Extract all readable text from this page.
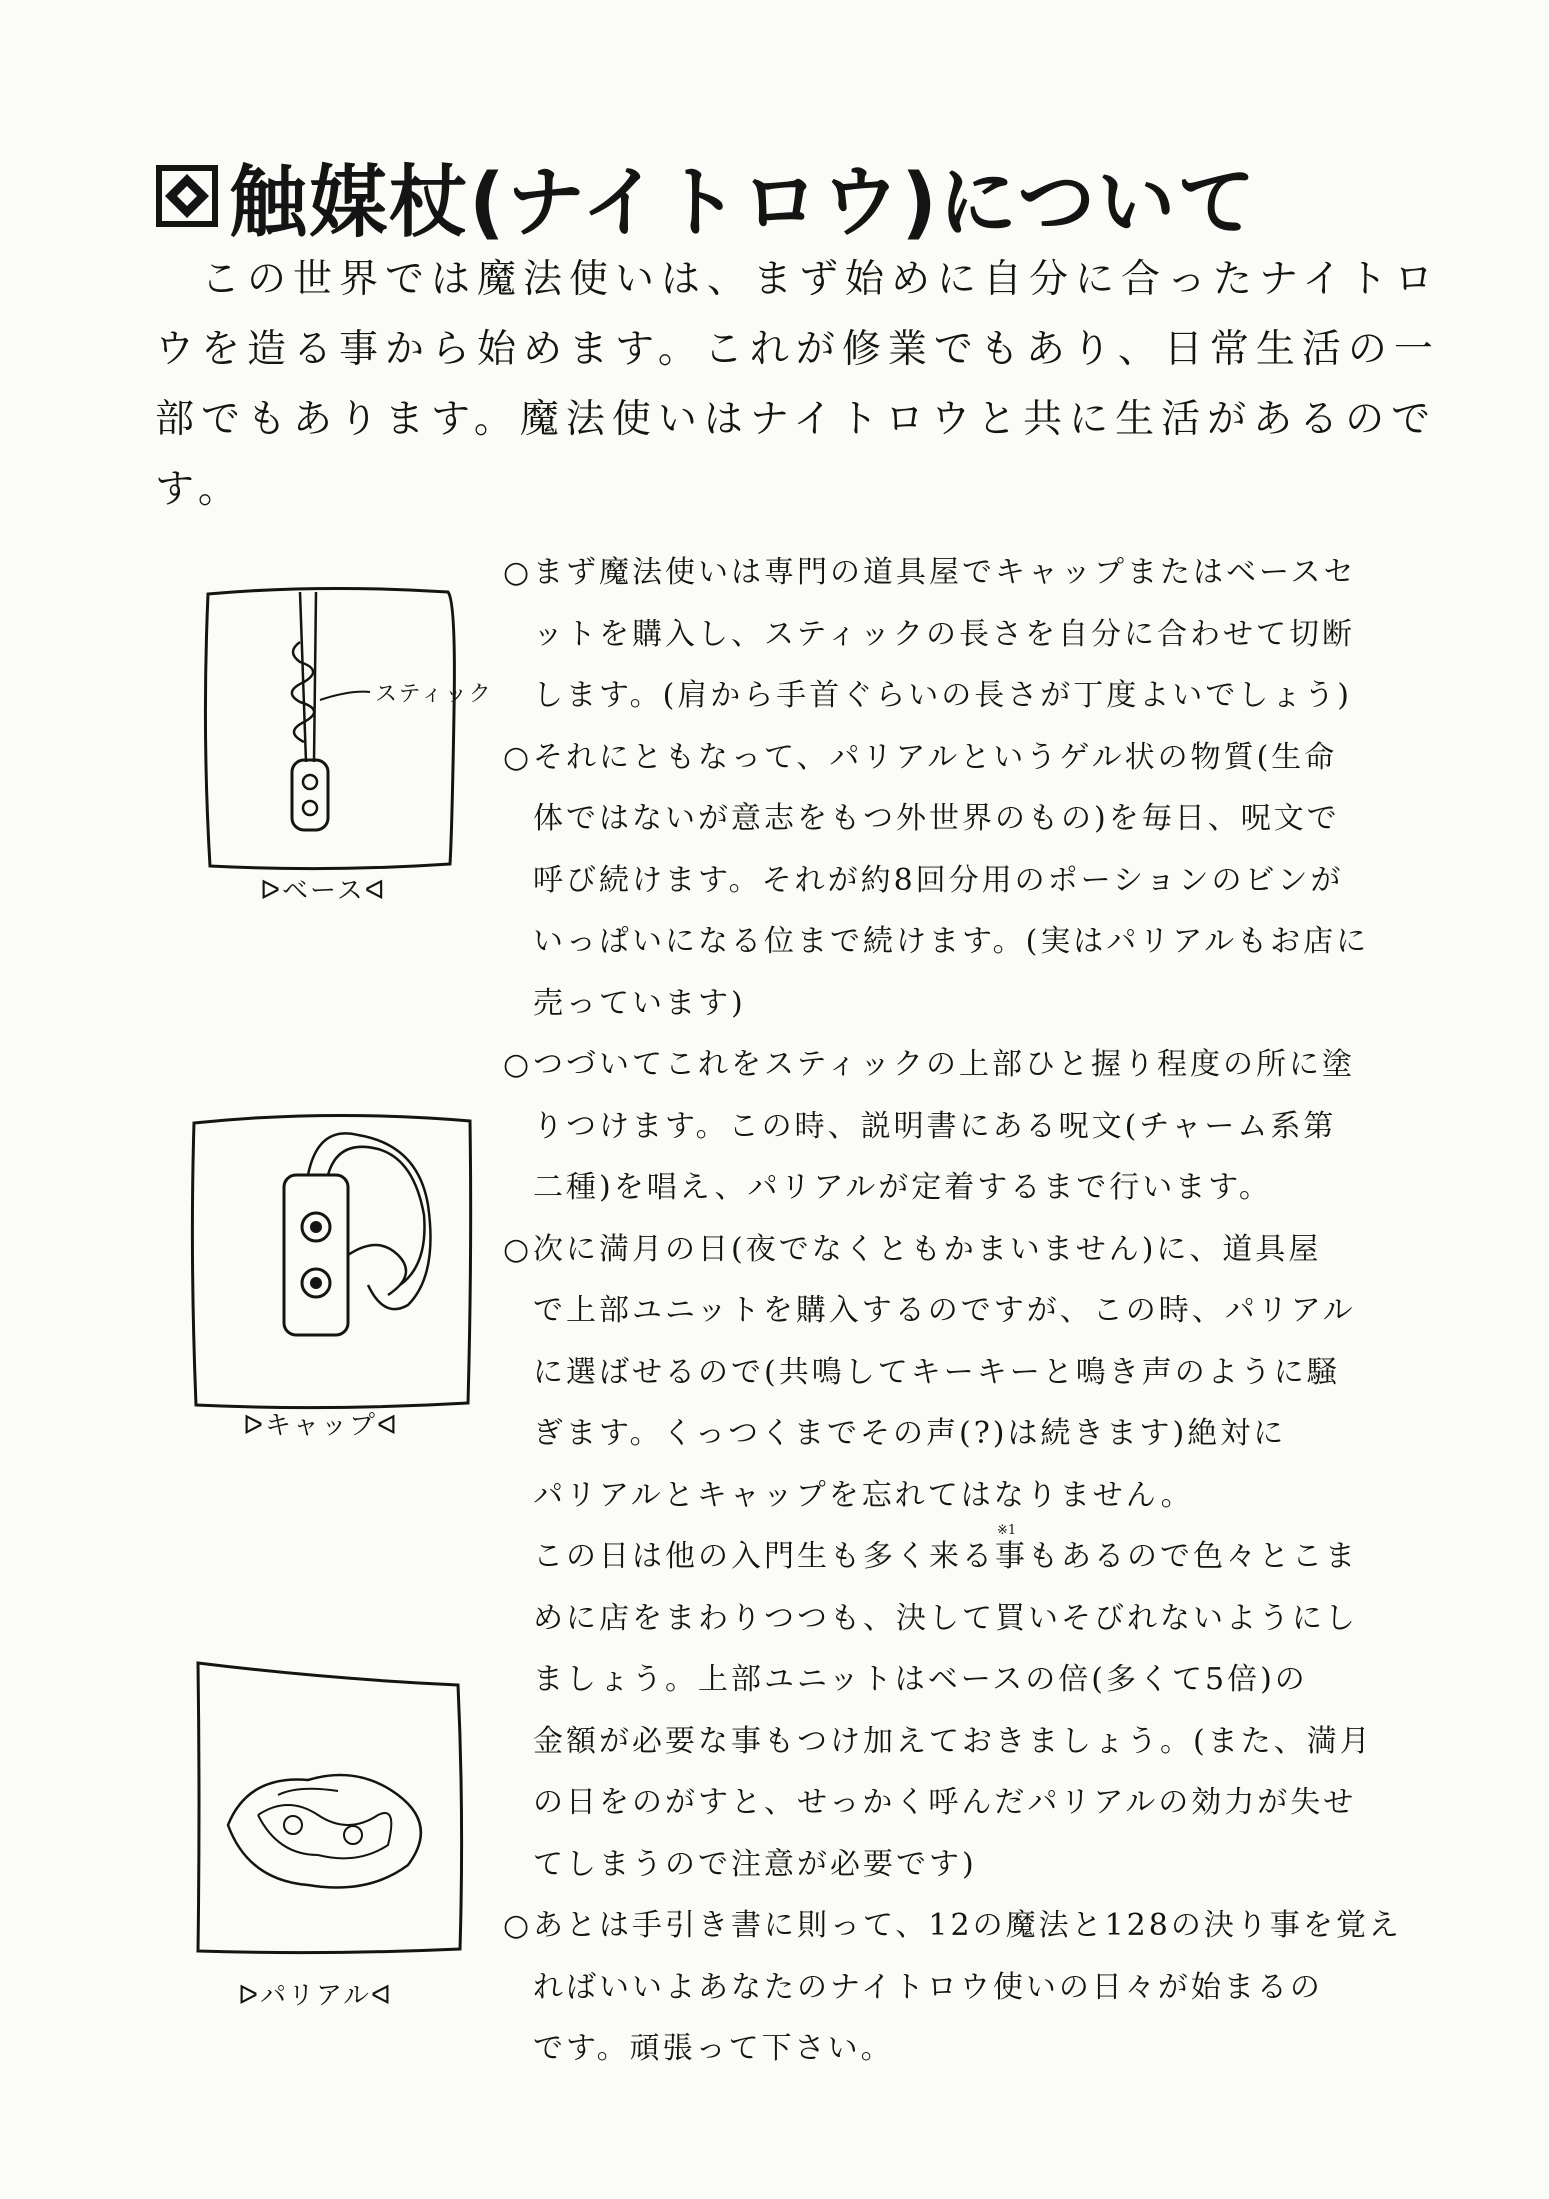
触媒杖(ナイトロウ)について

　この世界では魔法使いは、まず始めに自分に合ったナイトロ

ウを造る事から始めます。これが修業でもあり、日常生活の一

部でもあります。魔法使いはナイトロウと共に生活があるので

す。

スティック
ᐅベースᐊ
ᐅキャップᐊ
ᐅパリアルᐊ
○まず魔法使いは専門の道具屋でキャップまたはベースセ
ットを購入し、スティックの長さを自分に合わせて切断
します。(肩から手首ぐらいの長さが丁度よいでしょう)
○それにともなって、パリアルというゲル状の物質(生命
体ではないが意志をもつ外世界のもの)を毎日、呪文で
呼び続けます。それが約8回分用のポーションのビンが
いっぱいになる位まで続けます。(実はパリアルもお店に
売っています)
○つづいてこれをスティックの上部ひと握り程度の所に塗
りつけます。この時、説明書にある呪文(チャーム系第
二種)を唱え、パリアルが定着するまで行います。
○次に満月の日(夜でなくともかまいません)に、道具屋
で上部ユニットを購入するのですが、この時、パリアル
に選ばせるので(共鳴してキーキーと鳴き声のように騒
ぎます。くっつくまでその声(?)は続きます)絶対に
パリアルとキャップを忘れてはなりません。
この日は他の入門生も多く来る
※1
事もあるので色々とこま
めに店をまわりつつも、決して買いそびれないようにし
ましょう。上部ユニットはベースの倍(多くて5倍)の
金額が必要な事もつけ加えておきましょう。(また、満月
の日をのがすと、せっかく呼んだパリアルの効力が失せ
てしまうので注意が必要です)
○あとは手引き書に則って、12の魔法と128の決り事を覚え
ればいいよあなたのナイトロウ使いの日々が始まるの
です。頑張って下さい。
